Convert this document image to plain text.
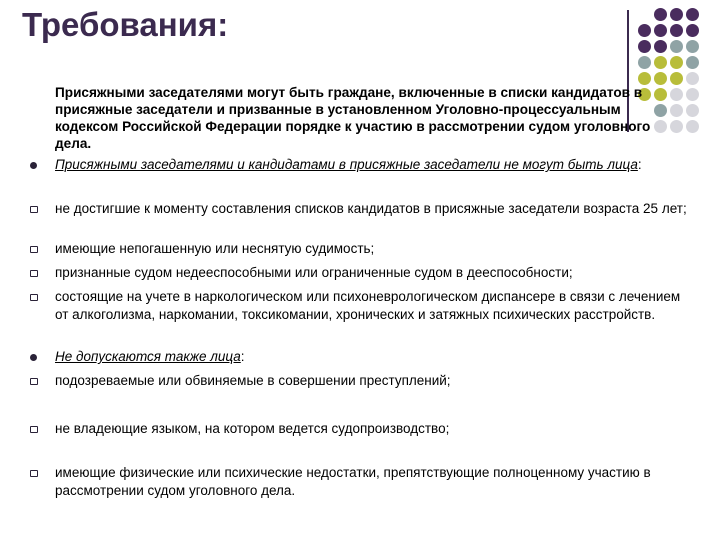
Требования:

Присяжными заседателями могут быть граждане, включенные в списки кандидатов в присяжные заседатели и призванные в установленном Уголовно-процессуальным кодексом Российской Федерации порядке к участию в рассмотрении судом уголовного дела.

Присяжными заседателями и кандидатами в присяжные заседатели не могут быть лица:

не достигшие к моменту составления списков кандидатов в присяжные заседатели возраста 25 лет;

имеющие непогашенную или неснятую судимость;

признанные судом недееспособными или ограниченные судом в дееспособности;

состоящие на учете в наркологическом или психоневрологическом диспансере в связи с лечением от алкоголизма, наркомании, токсикомании, хронических и затяжных психических расстройств.

Не допускаются также лица:

подозреваемые или обвиняемые в совершении преступлений;

не владеющие языком, на котором ведется судопроизводство;

имеющие физические или психические недостатки, препятствующие полноценному участию в рассмотрении судом уголовного дела.
